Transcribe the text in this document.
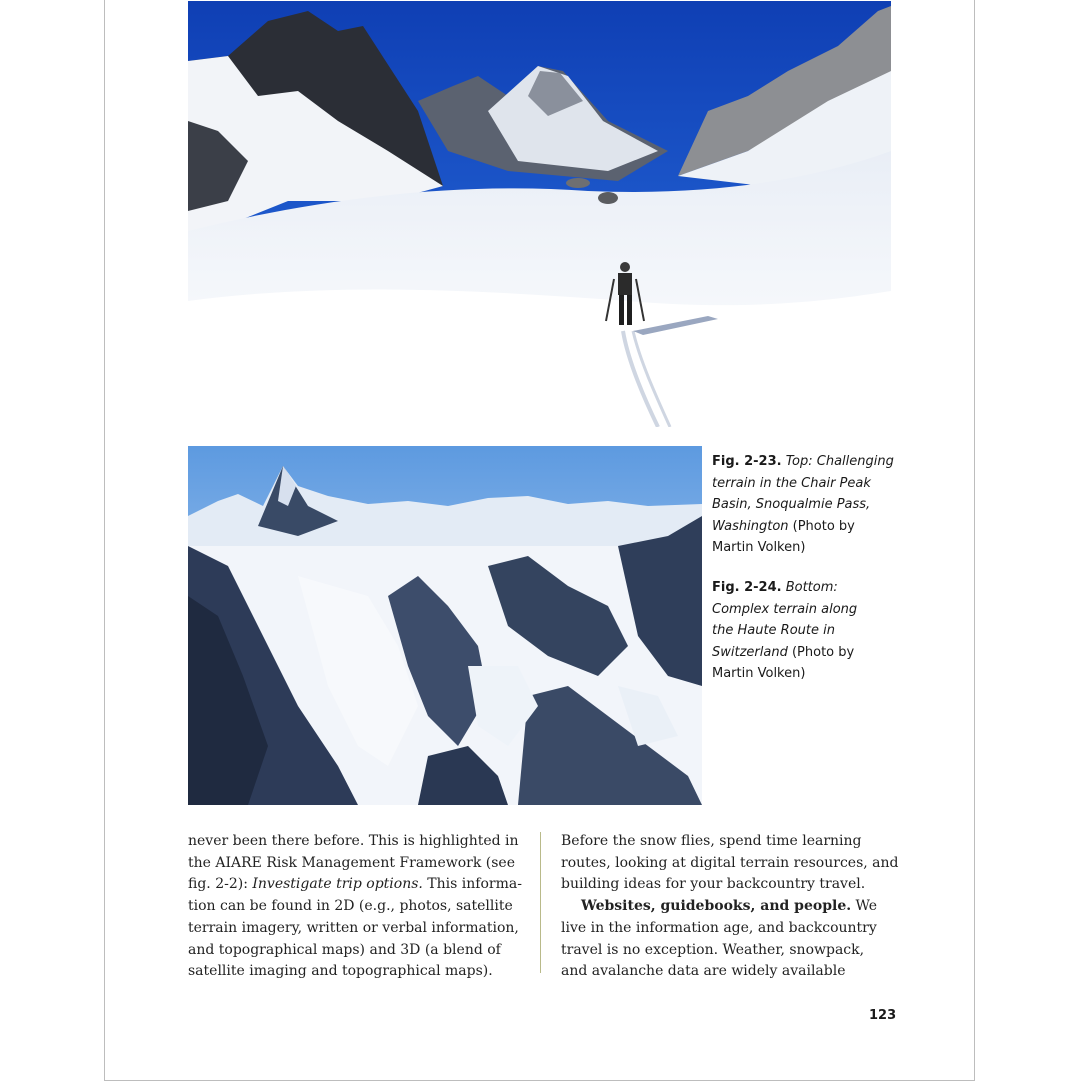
Fig. 2-23. Top: Challenging
terrain in the Chair Peak
Basin, Snoqualmie Pass,
Washington (Photo by
Martin Volken)
Fig. 2-24. Bottom:
Complex terrain along
the Haute Route in
Switzerland (Photo by
Martin Volken)
never been there before. This is highlighted in
the AIARE Risk Management Framework (see
fig. 2-2): Investigate trip options. This informa-
tion can be found in 2D (e.g., photos, satellite
terrain imagery, written or verbal information,
and topographical maps) and 3D (a blend of
satellite imaging and topographical maps).
Before the snow flies, spend time learning
routes, looking at digital terrain resources, and
building ideas for your backcountry travel.
Websites, guidebooks, and people. We
live in the information age, and backcountry
travel is no exception. Weather, snowpack,
and avalanche data are widely available
123
